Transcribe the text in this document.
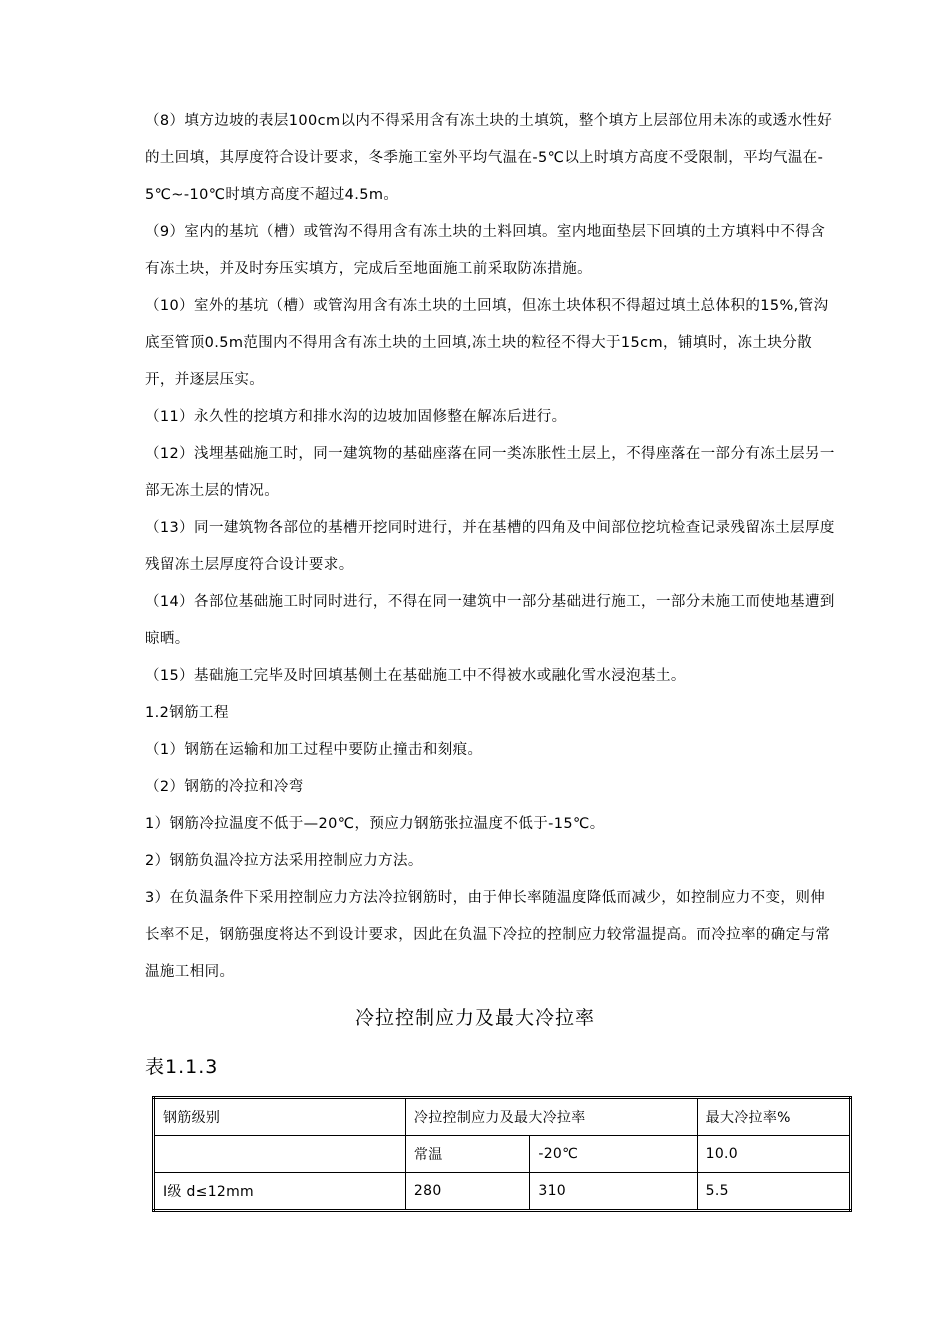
（8）填方边坡的表层100cm以内不得采用含有冻土块的土填筑，整个填方上层部位用未冻的或透水性好的土回填，其厚度符合设计要求，冬季施工室外平均气温在-5℃以上时填方高度不受限制，平均气温在-5℃~-10℃时填方高度不超过4.5m。

（9）室内的基坑（槽）或管沟不得用含有冻土块的土料回填。室内地面垫层下回填的土方填料中不得含有冻土块，并及时夯压实填方，完成后至地面施工前采取防冻措施。

（10）室外的基坑（槽）或管沟用含有冻土块的土回填，但冻土块体积不得超过填土总体积的15%,管沟底至管顶0.5m范围内不得用含有冻土块的土回填,冻土块的粒径不得大于15cm，铺填时，冻土块分散开，并逐层压实。

（11）永久性的挖填方和排水沟的边坡加固修整在解冻后进行。

（12）浅埋基础施工时，同一建筑物的基础座落在同一类冻胀性土层上，不得座落在一部分有冻土层另一部无冻土层的情况。

（13）同一建筑物各部位的基槽开挖同时进行，并在基槽的四角及中间部位挖坑检查记录残留冻土层厚度残留冻土层厚度符合设计要求。

（14）各部位基础施工时同时进行，不得在同一建筑中一部分基础进行施工，一部分未施工而使地基遭到晾晒。

（15）基础施工完毕及时回填基侧土在基础施工中不得被水或融化雪水浸泡基土。

1.2钢筋工程

（1）钢筋在运输和加工过程中要防止撞击和刻痕。

（2）钢筋的冷拉和冷弯

1）钢筋冷拉温度不低于—20℃，预应力钢筋张拉温度不低于-15℃。

2）钢筋负温冷拉方法采用控制应力方法。

3）在负温条件下采用控制应力方法冷拉钢筋时，由于伸长率随温度降低而减少，如控制应力不变，则伸长率不足，钢筋强度将达不到设计要求，因此在负温下冷拉的控制应力较常温提高。而冷拉率的确定与常温施工相同。

冷拉控制应力及最大冷拉率
表1.1.3
钢筋级别	冷拉控制应力及最大冷拉率		最大冷拉率%
	常温	-20℃	10.0
Ⅰ级 d≤12mm	280	310	5.5
